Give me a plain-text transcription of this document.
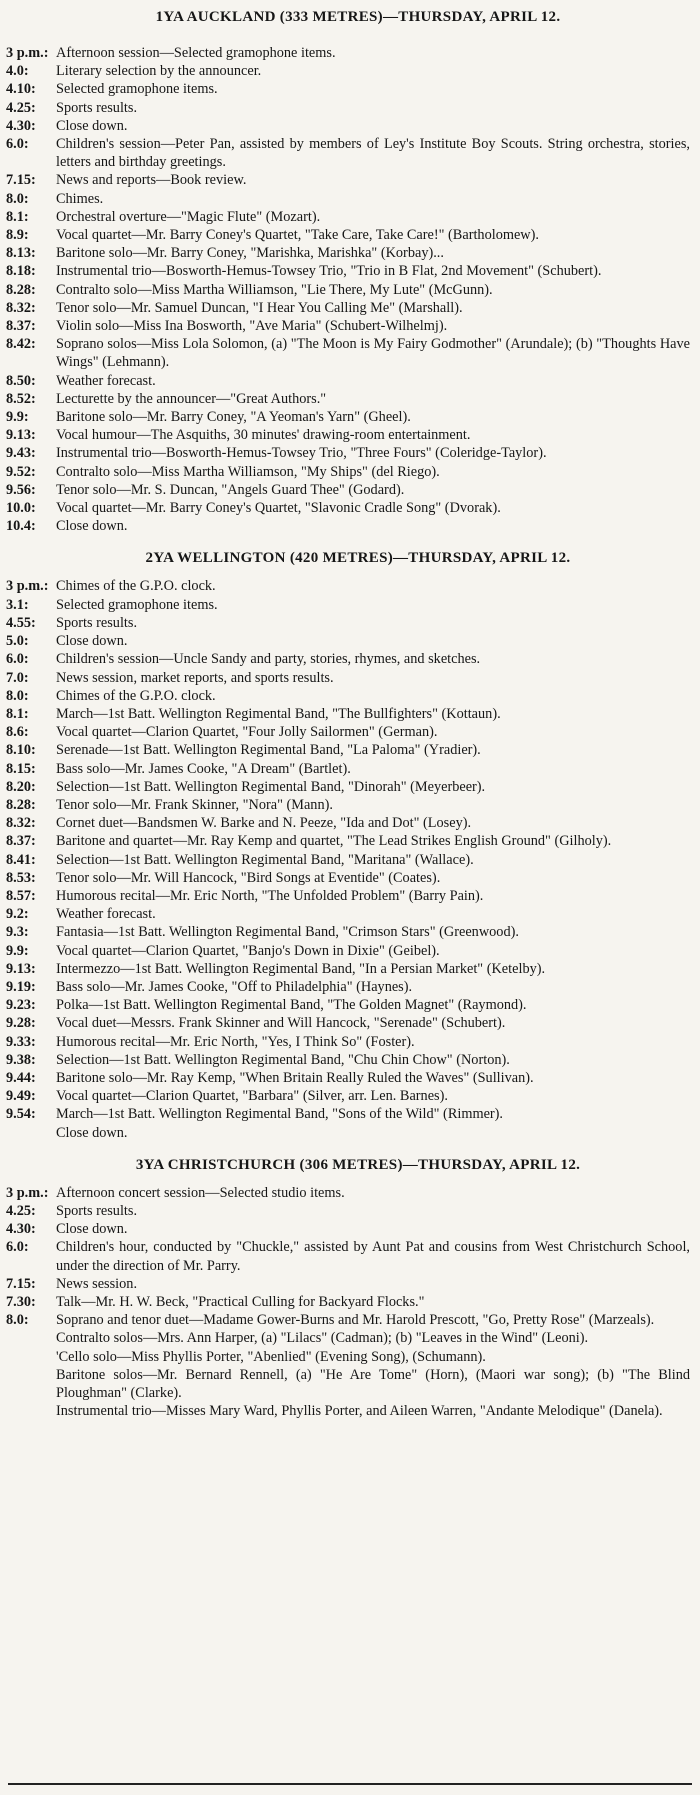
1YA AUCKLAND (333 METRES)—THURSDAY, APRIL 12.
3 p.m.: Afternoon session—Selected gramophone items.
4.0:	Literary selection by the announcer.
4.10:	Selected gramophone items.
4.25:	Sports results.
4.30:	Close down.
6.0:	Children's session—Peter Pan, assisted by members of Ley's Institute Boy Scouts. String orchestra, stories, letters and birthday greetings.
7.15:	News and reports—Book review.
8.0:	Chimes.
8.1:	Orchestral overture—"Magic Flute" (Mozart).
8.9:	Vocal quartet—Mr. Barry Coney's Quartet, "Take Care, Take Care!" (Bartholomew).
8.13:	Baritone solo—Mr. Barry Coney, "Marishka, Marishka" (Korbay)...
8.18:	Instrumental trio—Bosworth-Hemus-Towsey Trio, "Trio in B Flat, 2nd Movement" (Schubert).
8.28:	Contralto solo—Miss Martha Williamson, "Lie There, My Lute" (McGunn).
8.32:	Tenor solo—Mr. Samuel Duncan, "I Hear You Calling Me" (Marshall).
8.37:	Violin solo—Miss Ina Bosworth, "Ave Maria" (Schubert-Wilhelmj).
8.42:	Soprano solos—Miss Lola Solomon, (a) "The Moon is My Fairy Godmother" (Arundale); (b) "Thoughts Have Wings" (Lehmann).
8.50:	Weather forecast.
8.52:	Lecturette by the announcer—"Great Authors."
9.9:	Baritone solo—Mr. Barry Coney, "A Yeoman's Yarn" (Gheel).
9.13:	Vocal humour—The Asquiths, 30 minutes' drawing-room entertainment.
9.43:	Instrumental trio—Bosworth-Hemus-Towsey Trio, "Three Fours" (Coleridge-Taylor).
9.52:	Contralto solo—Miss Martha Williamson, "My Ships" (del Riego).
9.56:	Tenor solo—Mr. S. Duncan, "Angels Guard Thee" (Godard).
10.0:	Vocal quartet—Mr. Barry Coney's Quartet, "Slavonic Cradle Song" (Dvorak).
10.4:	Close down.
2YA WELLINGTON (420 METRES)—THURSDAY, APRIL 12.
3 p.m.: Chimes of the G.P.O. clock.
3.1:	Selected gramophone items.
4.55:	Sports results.
5.0:	Close down.
6.0:	Children's session—Uncle Sandy and party, stories, rhymes, and sketches.
7.0:	News session, market reports, and sports results.
8.0:	Chimes of the G.P.O. clock.
8.1:	March—1st Batt. Wellington Regimental Band, "The Bullfighters" (Kottaun).
8.6:	Vocal quartet—Clarion Quartet, "Four Jolly Sailormen" (German).
8.10:	Serenade—1st Batt. Wellington Regimental Band, "La Paloma" (Yradier).
8.15:	Bass solo—Mr. James Cooke, "A Dream" (Bartlet).
8.20:	Selection—1st Batt. Wellington Regimental Band, "Dinorah" (Meyerbeer).
8.28:	Tenor solo—Mr. Frank Skinner, "Nora" (Mann).
8.32:	Cornet duet—Bandsmen W. Barke and N. Peeze, "Ida and Dot" (Losey).
8.37:	Baritone and quartet—Mr. Ray Kemp and quartet, "The Lead Strikes English Ground" (Gilholy).
8.41:	Selection—1st Batt. Wellington Regimental Band, "Maritana" (Wallace).
8.53:	Tenor solo—Mr. Will Hancock, "Bird Songs at Eventide" (Coates).
8.57:	Humorous recital—Mr. Eric North, "The Unfolded Problem" (Barry Pain).
9.2:	Weather forecast.
9.3:	Fantasia—1st Batt. Wellington Regimental Band, "Crimson Stars" (Greenwood).
9.9:	Vocal quartet—Clarion Quartet, "Banjo's Down in Dixie" (Geibel).
9.13:	Intermezzo—1st Batt. Wellington Regimental Band, "In a Persian Market" (Ketelby).
9.19:	Bass solo—Mr. James Cooke, "Off to Philadelphia" (Haynes).
9.23:	Polka—1st Batt. Wellington Regimental Band, "The Golden Magnet" (Raymond).
9.28:	Vocal duet—Messrs. Frank Skinner and Will Hancock, "Serenade" (Schubert).
9.33:	Humorous recital—Mr. Eric North, "Yes, I Think So" (Foster).
9.38:	Selection—1st Batt. Wellington Regimental Band, "Chu Chin Chow" (Norton).
9.44:	Baritone solo—Mr. Ray Kemp, "When Britain Really Ruled the Waves" (Sullivan).
9.49:	Vocal quartet—Clarion Quartet, "Barbara" (Silver, arr. Len. Barnes).
9.54:	March—1st Batt. Wellington Regimental Band, "Sons of the Wild" (Rimmer).
Close down.
3YA CHRISTCHURCH (306 METRES)—THURSDAY, APRIL 12.
3 p.m.: Afternoon concert session—Selected studio items.
4.25:	Sports results.
4.30:	Close down.
6.0:	Children's hour, conducted by "Chuckle," assisted by Aunt Pat and cousins from West Christchurch School, under the direction of Mr. Parry.
7.15:	News session.
7.30:	Talk—Mr. H. W. Beck, "Practical Culling for Backyard Flocks."
8.0:	Soprano and tenor duet—Madame Gower-Burns and Mr. Harold Prescott, "Go, Pretty Rose" (Marzeals).
Contralto solos—Mrs. Ann Harper, (a) "Lilacs" (Cadman); (b) "Leaves in the Wind" (Leoni).
'Cello solo—Miss Phyllis Porter, "Abenlied" (Evening Song), (Schumann).
Baritone solos—Mr. Bernard Rennell, (a) "He Are Tome" (Horn), (Maori war song); (b) "The Blind Ploughman" (Clarke).
Instrumental trio—Misses Mary Ward, Phyllis Porter, and Aileen Warren, "Andante Melodique" (Danela).
